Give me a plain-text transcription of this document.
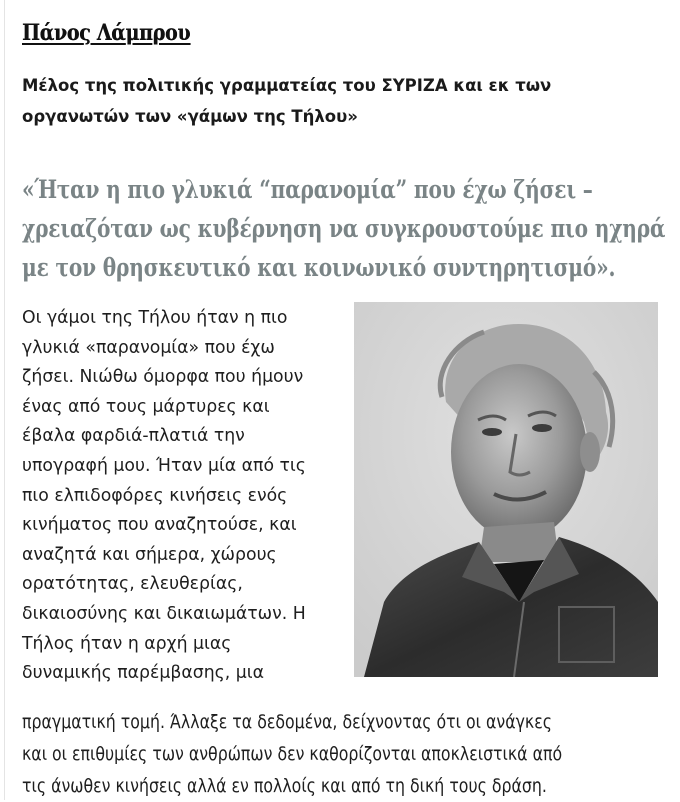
Πάνος Λάμπρου
Μέλος της πολιτικής γραμματείας του ΣΥΡΙΖΑ και εκ των
οργανωτών των «γάμων της Τήλου»
«Ήταν η πιο γλυκιά “παρανομία” που έχω ζήσει –
χρειαζόταν ως κυβέρνηση να συγκρουστούμε πιο ηχηρά
με τον θρησκευτικό και κοινωνικό συντηρητισμό».
Οι γάμοι της Τήλου ήταν η πιο
γλυκιά «παρανομία» που έχω
ζήσει. Νιώθω όμορφα που ήμουν
ένας από τους μάρτυρες και
έβαλα φαρδιά-πλατιά την
υπογραφή μου. Ήταν μία από τις
πιο ελπιδοφόρες κινήσεις ενός
κινήματος που αναζητούσε, και
αναζητά και σήμερα, χώρους
ορατότητας, ελευθερίας,
δικαιοσύνης και δικαιωμάτων. Η
Τήλος ήταν η αρχή μιας
δυναμικής παρέμβασης, μια
πραγματική τομή. Άλλαξε τα δεδομένα, δείχνοντας ότι οι ανάγκες
και οι επιθυμίες των ανθρώπων δεν καθορίζονται αποκλειστικά από
τις άνωθεν κινήσεις αλλά εν πολλοίς και από τη δική τους δράση.
